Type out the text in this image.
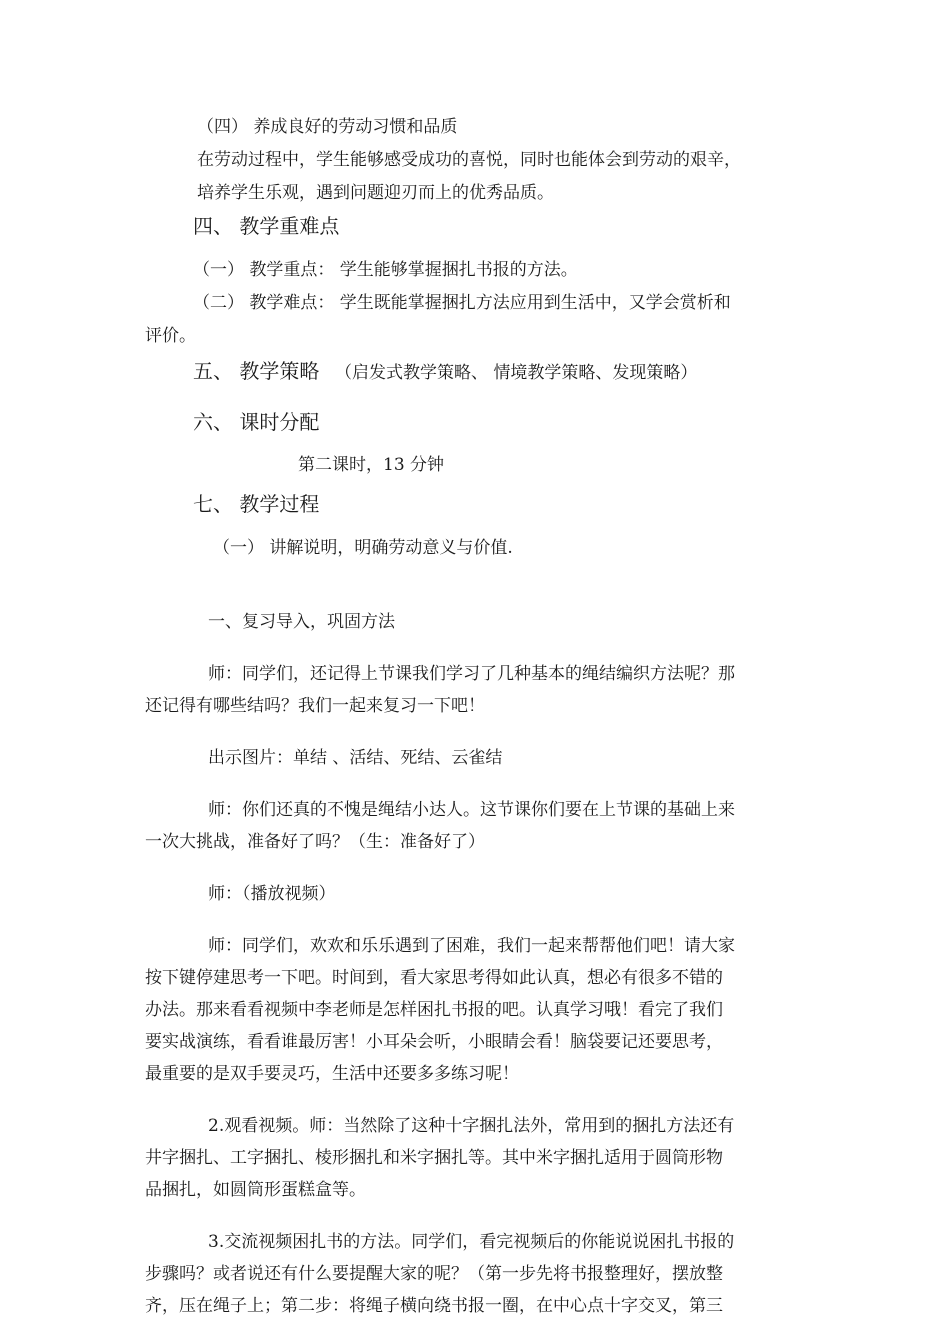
（四） 养成良好的劳动习惯和品质
在劳动过程中，学生能够感受成功的喜悦，同时也能体会到劳动的艰辛，
培养学生乐观，遇到问题迎刃而上的优秀品质。
四、 教学重难点
（一） 教学重点： 学生能够掌握捆扎书报的方法。
（二） 教学难点： 学生既能掌握捆扎方法应用到生活中，又学会赏析和
评价。
五、 教学策略 （启发式教学策略、 情境教学策略、发现策略）
六、 课时分配
第二课时，13 分钟
七、 教学过程
（一） 讲解说明，明确劳动意义与价值.
一、复习导入，巩固方法
师：同学们，还记得上节课我们学习了几种基本的绳结编织方法呢？那
还记得有哪些结吗？我们一起来复习一下吧！
出示图片：单结 、活结、死结、云雀结
师：你们还真的不愧是绳结小达人。这节课你们要在上节课的基础上来
一次大挑战，准备好了吗？（生：准备好了）
师：（播放视频）
师：同学们，欢欢和乐乐遇到了困难，我们一起来帮帮他们吧！请大家
按下键停建思考一下吧。时间到，看大家思考得如此认真，想必有很多不错的
办法。那来看看视频中李老师是怎样困扎书报的吧。认真学习哦！看完了我们
要实战演练，看看谁最厉害！小耳朵会听，小眼睛会看！脑袋要记还要思考，
最重要的是双手要灵巧，生活中还要多多练习呢！
2.观看视频。师：当然除了这种十字捆扎法外，常用到的捆扎方法还有
井字捆扎、工字捆扎、棱形捆扎和米字捆扎等。其中米字捆扎适用于圆筒形物
品捆扎，如圆筒形蛋糕盒等。
3.交流视频困扎书的方法。同学们，看完视频后的你能说说困扎书报的
步骤吗？或者说还有什么要提醒大家的呢？（第一步先将书报整理好，摆放整
齐，压在绳子上；第二步：将绳子横向绕书报一圈，在中心点十字交叉，第三
